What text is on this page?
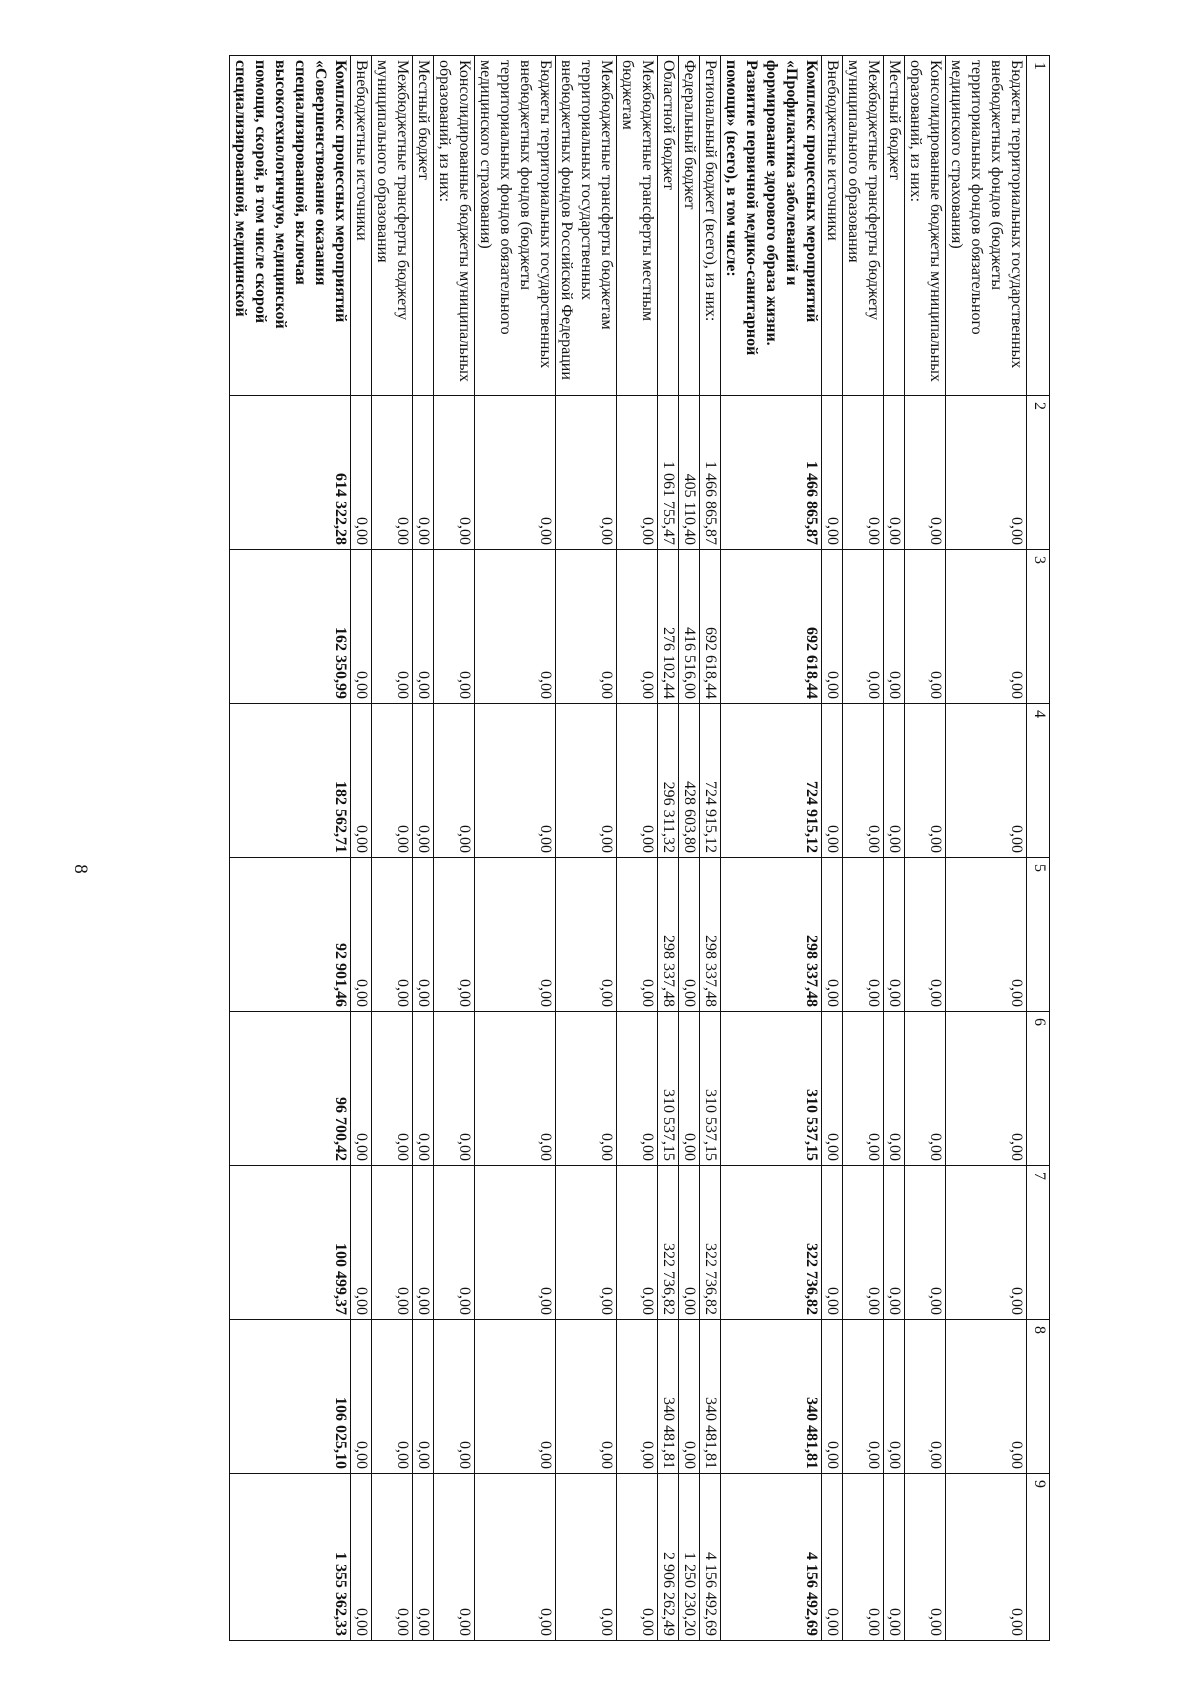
8
1	2	3	4	5	6	7	8	9
Бюджеты территориальных государственных внебюджетных фондов (бюджеты территориальных фондов обязательного медицинского страхования)	0,00	0,00	0,00	0,00	0,00	0,00	0,00	0,00
Консолидированные бюджеты муниципальных образований, из них:	0,00	0,00	0,00	0,00	0,00	0,00	0,00	0,00
Местный бюджет	0,00	0,00	0,00	0,00	0,00	0,00	0,00	0,00
Межбюджетные трансферты бюджету муниципального образования	0,00	0,00	0,00	0,00	0,00	0,00	0,00	0,00
Внебюджетные источники	0,00	0,00	0,00	0,00	0,00	0,00	0,00	0,00
Комплекс процессных мероприятий «Профилактика заболеваний и формирование здорового образа жизни. Развитие первичной медико-санитарной помощи» (всего), в том числе:	1 466 865,87	692 618,44	724 915,12	298 337,48	310 537,15	322 736,82	340 481,81	4 156 492,69
Региональный бюджет (всего), из них:	1 466 865,87	692 618,44	724 915,12	298 337,48	310 537,15	322 736,82	340 481,81	4 156 492,69
Федеральный бюджет	405 110,40	416 516,00	428 603,80	0,00	0,00	0,00	0,00	1 250 230,20
Областной бюджет	1 061 755,47	276 102,44	296 311,32	298 337,48	310 537,15	322 736,82	340 481,81	2 906 262,49
Межбюджетные трансферты местным бюджетам	0,00	0,00	0,00	0,00	0,00	0,00	0,00	0,00
Межбюджетные трансферты бюджетам территориальных государственных внебюджетных фондов Российской Федерации	0,00	0,00	0,00	0,00	0,00	0,00	0,00	0,00
Бюджеты территориальных государственных внебюджетных фондов (бюджеты территориальных фондов обязательного медицинского страхования)	0,00	0,00	0,00	0,00	0,00	0,00	0,00	0,00
Консолидированные бюджеты муниципальных образований, из них:	0,00	0,00	0,00	0,00	0,00	0,00	0,00	0,00
Местный бюджет	0,00	0,00	0,00	0,00	0,00	0,00	0,00	0,00
Межбюджетные трансферты бюджету муниципального образования	0,00	0,00	0,00	0,00	0,00	0,00	0,00	0,00
Внебюджетные источники	0,00	0,00	0,00	0,00	0,00	0,00	0,00	0,00
Комплекс процессных мероприятий «Совершенствование оказания специализированной, включая высокотехнологичную, медицинской помощи, скорой, в том числе скорой специализированной, медицинской	614 322,28	162 350,99	182 562,71	92 901,46	96 700,42	100 499,37	106 025,10	1 355 362,33
